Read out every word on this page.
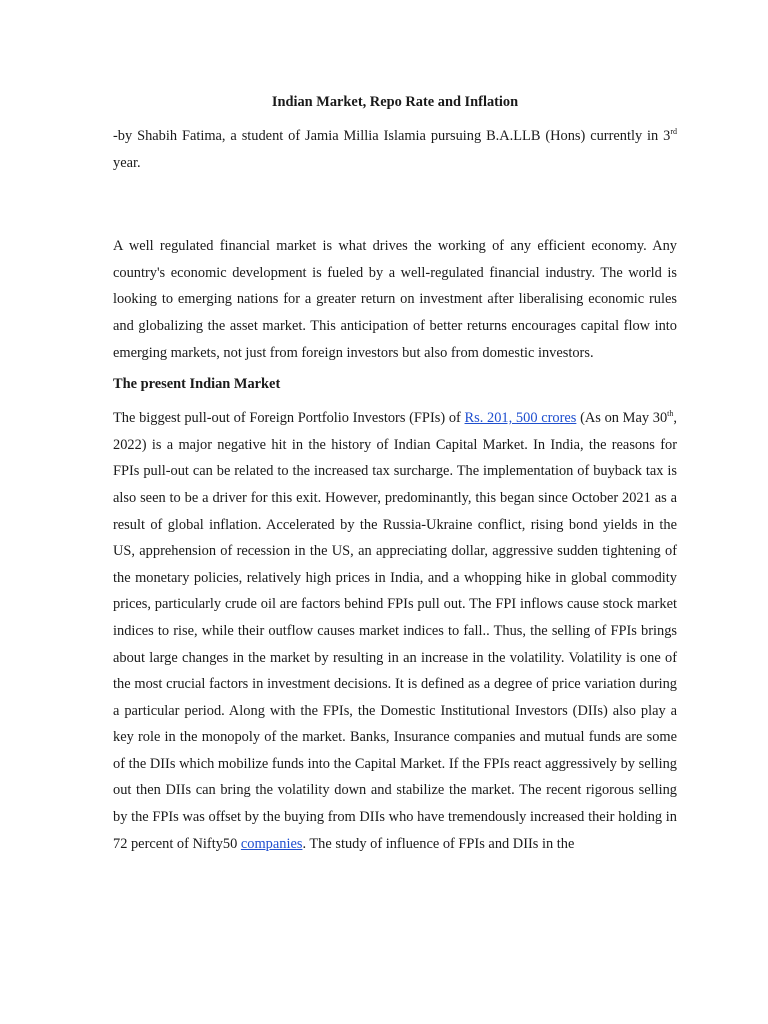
Indian Market, Repo Rate and Inflation

-by Shabih Fatima, a student of Jamia Millia Islamia pursuing B.A.LLB (Hons) currently in 3rd year.

A well regulated financial market is what drives the working of any efficient economy. Any country's economic development is fueled by a well-regulated financial industry. The world is looking to emerging nations for a greater return on investment after liberalising economic rules and globalizing the asset market. This anticipation of better returns encourages capital flow into emerging markets, not just from foreign investors but also from domestic investors.

The present Indian Market

The biggest pull-out of Foreign Portfolio Investors (FPIs) of Rs. 201, 500 crores (As on May 30th, 2022) is a major negative hit in the history of Indian Capital Market. In India, the reasons for FPIs pull-out can be related to the increased tax surcharge. The implementation of buyback tax is also seen to be a driver for this exit. However, predominantly, this began since October 2021 as a result of global inflation. Accelerated by the Russia-Ukraine conflict, rising bond yields in the US, apprehension of recession in the US, an appreciating dollar, aggressive sudden tightening of the monetary policies, relatively high prices in India, and a whopping hike in global commodity prices, particularly crude oil are factors behind FPIs pull out. The FPI inflows cause stock market indices to rise, while their outflow causes market indices to fall.. Thus, the selling of FPIs brings about large changes in the market by resulting in an increase in the volatility. Volatility is one of the most crucial factors in investment decisions. It is defined as a degree of price variation during a particular period. Along with the FPIs, the Domestic Institutional Investors (DIIs) also play a key role in the monopoly of the market. Banks, Insurance companies and mutual funds are some of the DIIs which mobilize funds into the Capital Market. If the FPIs react aggressively by selling out then DIIs can bring the volatility down and stabilize the market. The recent rigorous selling by the FPIs was offset by the buying from DIIs who have tremendously increased their holding in 72 percent of Nifty50 companies. The study of influence of FPIs and DIIs in the
